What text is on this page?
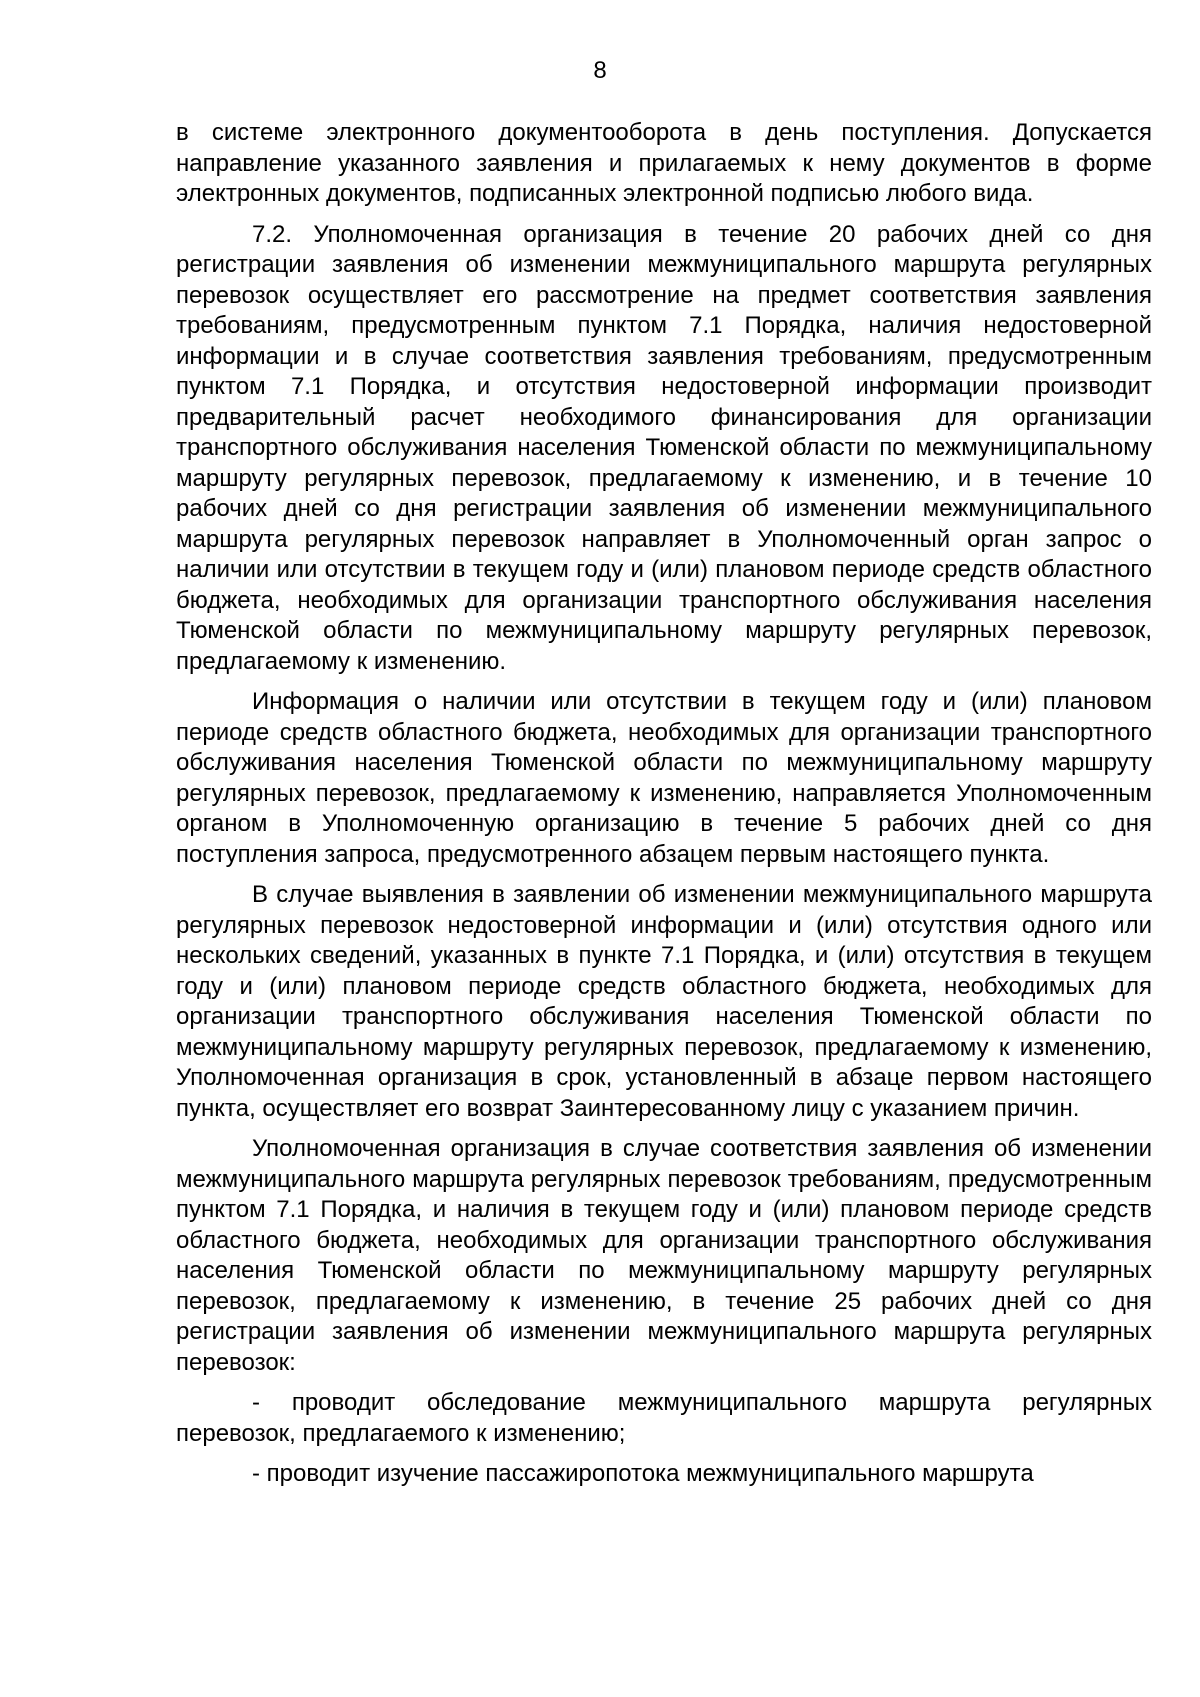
8

в системе электронного документооборота в день поступления. Допускается направление указанного заявления и прилагаемых к нему документов в форме электронных документов, подписанных электронной подписью любого вида.

7.2. Уполномоченная организация в течение 20 рабочих дней со дня регистрации заявления об изменении межмуниципального маршрута регулярных перевозок осуществляет его рассмотрение на предмет соответствия заявления требованиям, предусмотренным пунктом 7.1 Порядка, наличия недостоверной информации и в случае соответствия заявления требованиям, предусмотренным пунктом 7.1 Порядка, и отсутствия недостоверной информации производит предварительный расчет необходимого финансирования для организации транспортного обслуживания населения Тюменской области по межмуниципальному маршруту регулярных перевозок, предлагаемому к изменению, и в течение 10 рабочих дней со дня регистрации заявления об изменении межмуниципального маршрута регулярных перевозок направляет в Уполномоченный орган запрос о наличии или отсутствии в текущем году и (или) плановом периоде средств областного бюджета, необходимых для организации транспортного обслуживания населения Тюменской области по межмуниципальному маршруту регулярных перевозок, предлагаемому к изменению.

Информация о наличии или отсутствии в текущем году и (или) плановом периоде средств областного бюджета, необходимых для организации транспортного обслуживания населения Тюменской области по межмуниципальному маршруту регулярных перевозок, предлагаемому к изменению, направляется Уполномоченным органом в Уполномоченную организацию в течение 5 рабочих дней со дня поступления запроса, предусмотренного абзацем первым настоящего пункта.

В случае выявления в заявлении об изменении межмуниципального маршрута регулярных перевозок недостоверной информации и (или) отсутствия одного или нескольких сведений, указанных в пункте 7.1 Порядка, и (или) отсутствия в текущем году и (или) плановом периоде средств областного бюджета, необходимых для организации транспортного обслуживания населения Тюменской области по межмуниципальному маршруту регулярных перевозок, предлагаемому к изменению, Уполномоченная организация в срок, установленный в абзаце первом настоящего пункта, осуществляет его возврат Заинтересованному лицу с указанием причин.

Уполномоченная организация в случае соответствия заявления об изменении межмуниципального маршрута регулярных перевозок требованиям, предусмотренным пунктом 7.1 Порядка, и наличия в текущем году и (или) плановом периоде средств областного бюджета, необходимых для организации транспортного обслуживания населения Тюменской области по межмуниципальному маршруту регулярных перевозок, предлагаемому к изменению, в течение 25 рабочих дней со дня регистрации заявления об изменении межмуниципального маршрута регулярных перевозок:

- проводит обследование межмуниципального маршрута регулярных перевозок, предлагаемого к изменению;

- проводит изучение пассажиропотока межмуниципального маршрута
